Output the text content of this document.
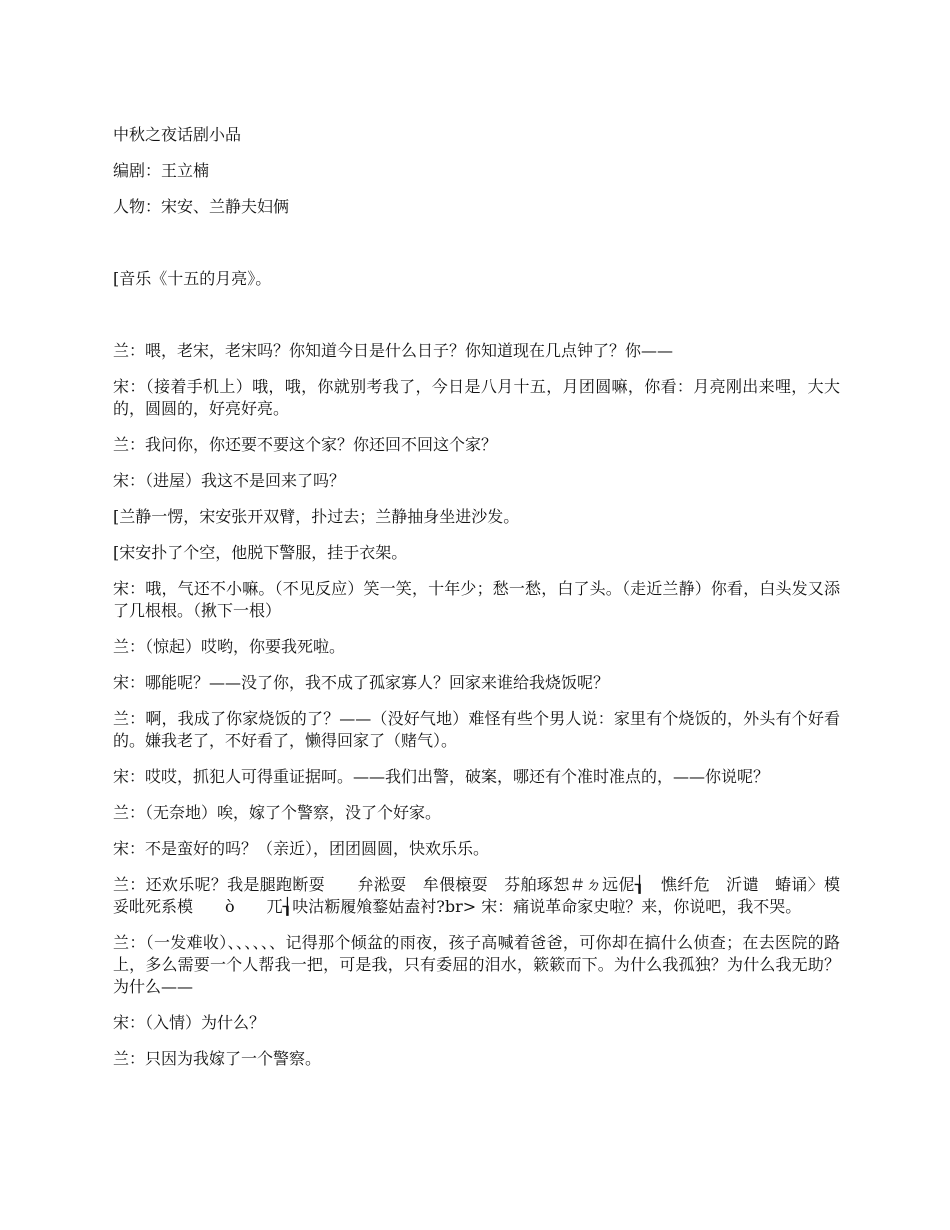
中秋之夜话剧小品

编剧：王立楠

人物：宋安、兰静夫妇俩

[音乐《十五的月亮》。

兰：喂，老宋，老宋吗？你知道今日是什么日子？你知道现在几点钟了？你——

宋：（接着手机上）哦，哦，你就别考我了，今日是八月十五，月团圆嘛，你看：月亮刚出来哩，大大的，圆圆的，好亮好亮。

兰：我问你，你还要不要这个家？你还回不回这个家？

宋：（进屋）我这不是回来了吗？

[兰静一愣，宋安张开双臂，扑过去；兰静抽身坐进沙发。

[宋安扑了个空，他脱下警服，挂于衣架。

宋：哦，气还不小嘛。（不见反应）笑一笑，十年少；愁一愁，白了头。（走近兰静）你看，白头发又添了几根根。（揪下一根）

兰：（惊起）哎哟，你要我死啦。

宋：哪能呢？——没了你，我不成了孤家寡人？回家来谁给我烧饭呢？

兰：啊，我成了你家烧饭的了？——（没好气地）难怪有些个男人说：家里有个烧饭的，外头有个好看的。嫌我老了，不好看了，懒得回家了（赌气）。

宋：哎哎，抓犯人可得重证据呵。——我们出警，破案，哪还有个准时准点的，——你说呢？

兰：（无奈地）唉，嫁了个警察，没了个好家。

宋：不是蛮好的吗？（亲近），团团圆圆，快欢乐乐。

兰：还欢乐呢？我是腿跑断耍　　弁淞耍　牟偎榱耍　芬舶琢恕＃ㄉ远伲┧　憔纤危　沂谴　蝽诵〉模　妥吡死系模　　ò　　兀┧吷沽粝履飧鍪姑盍衬?br> 宋：痛说革命家史啦？来，你说吧，我不哭。

兰：（一发难收）、、、、、、记得那个倾盆的雨夜，孩子高喊着爸爸，可你却在搞什么侦查；在去医院的路上，多么需要一个人帮我一把，可是我，只有委屈的泪水，簌簌而下。为什么我孤独？为什么我无助？为什么——

宋：（入情）为什么？

兰：只因为我嫁了一个警察。
